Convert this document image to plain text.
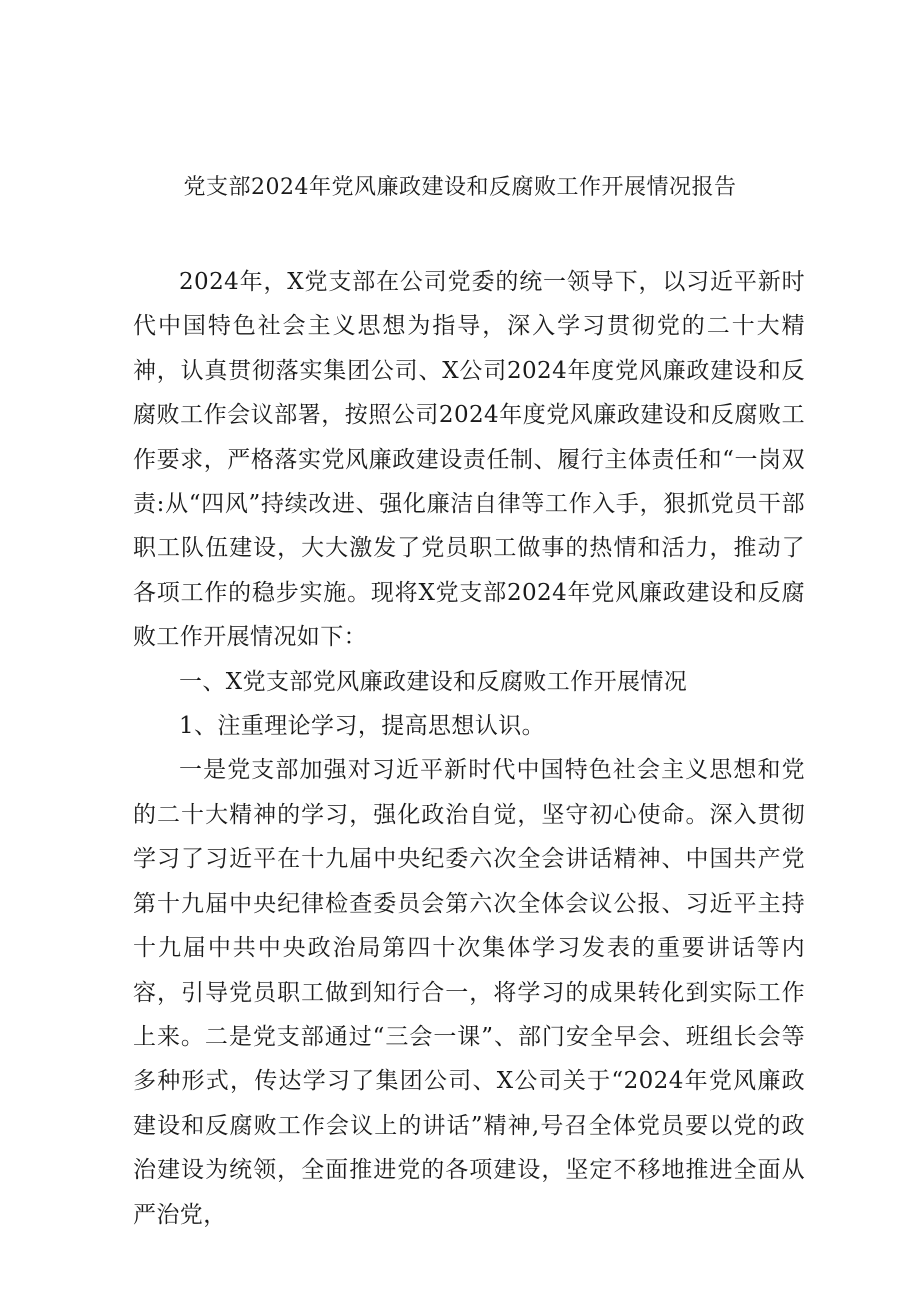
党支部2024年党风廉政建设和反腐败工作开展情况报告

2024年，X党支部在公司党委的统一领导下，以习近平新时代中国特色社会主义思想为指导，深入学习贯彻党的二十大精神，认真贯彻落实集团公司、X公司2024年度党风廉政建设和反腐败工作会议部署，按照公司2024年度党风廉政建设和反腐败工作要求，严格落实党风廉政建设责任制、履行主体责任和“一岗双责:从“四风”持续改进、强化廉洁自律等工作入手，狠抓党员干部职工队伍建设，大大激发了党员职工做事的热情和活力，推动了各项工作的稳步实施。现将X党支部2024年党风廉政建设和反腐败工作开展情况如下：

一、X党支部党风廉政建设和反腐败工作开展情况

1、注重理论学习，提高思想认识。

一是党支部加强对习近平新时代中国特色社会主义思想和党的二十大精神的学习，强化政治自觉，坚守初心使命。深入贯彻学习了习近平在十九届中央纪委六次全会讲话精神、中国共产党第十九届中央纪律检查委员会第六次全体会议公报、习近平主持十九届中共中央政治局第四十次集体学习发表的重要讲话等内容，引导党员职工做到知行合一，将学习的成果转化到实际工作上来。二是党支部通过“三会一课”、部门安全早会、班组长会等多种形式，传达学习了集团公司、X公司关于“2024年党风廉政建设和反腐败工作会议上的讲话”精神,号召全体党员要以党的政治建设为统领，全面推进党的各项建设，坚定不移地推进全面从严治党，
